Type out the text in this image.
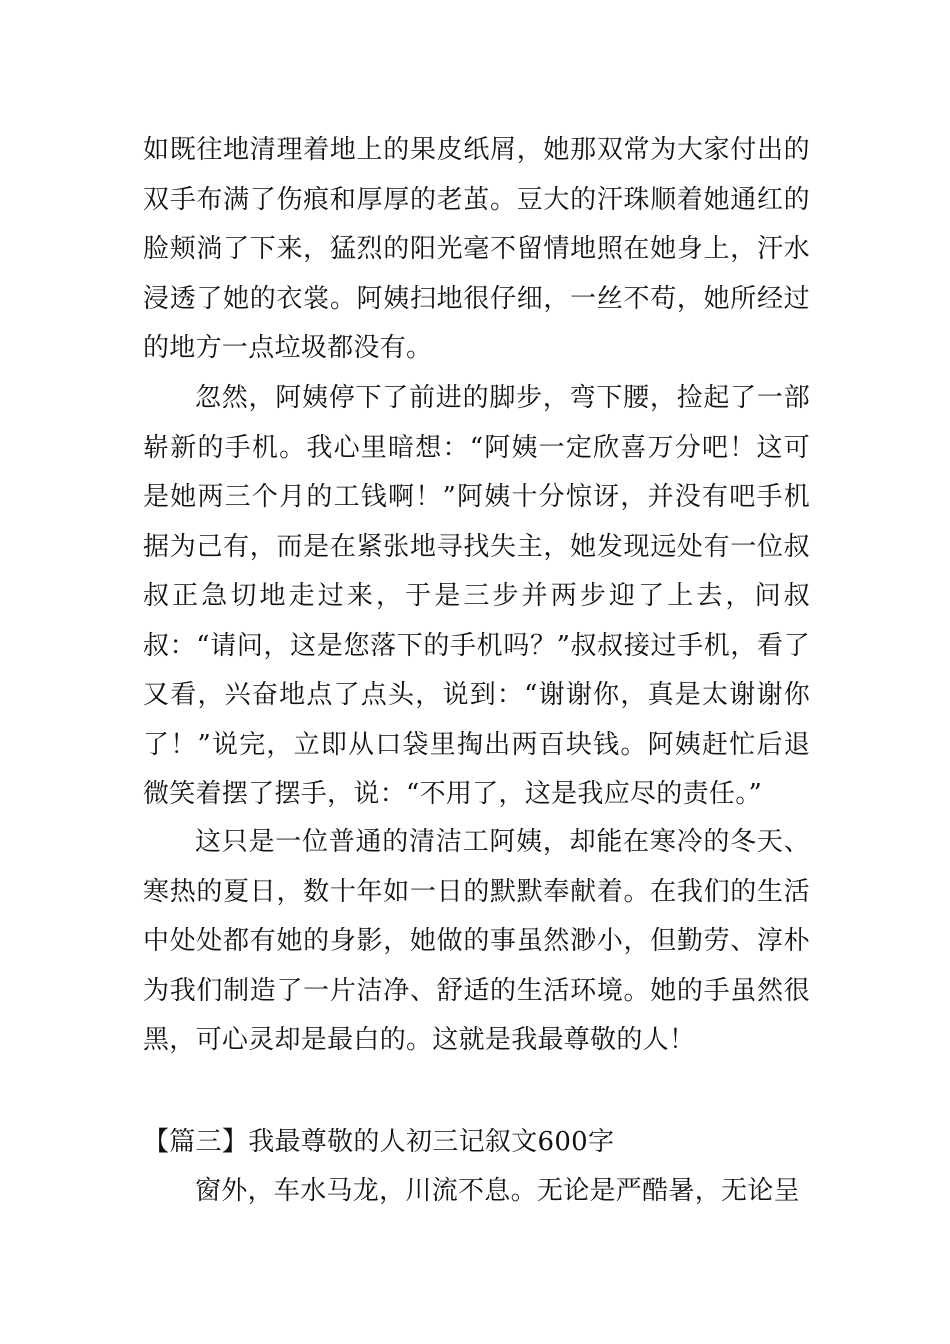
如既往地清理着地上的果皮纸屑，她那双常为大家付出的双手布满了伤痕和厚厚的老茧。豆大的汗珠顺着她通红的脸颊淌了下来，猛烈的阳光毫不留情地照在她身上，汗水浸透了她的衣裳。阿姨扫地很仔细，一丝不苟，她所经过的地方一点垃圾都没有。

忽然，阿姨停下了前进的脚步，弯下腰，捡起了一部崭新的手机。我心里暗想：“阿姨一定欣喜万分吧！这可是她两三个月的工钱啊！”阿姨十分惊讶，并没有吧手机据为己有，而是在紧张地寻找失主，她发现远处有一位叔叔正急切地走过来，于是三步并两步迎了上去，问叔叔：“请问，这是您落下的手机吗？”叔叔接过手机，看了又看，兴奋地点了点头，说到：“谢谢你，真是太谢谢你了！”说完，立即从口袋里掏出两百块钱。阿姨赶忙后退微笑着摆了摆手，说：“不用了，这是我应尽的责任。”

这只是一位普通的清洁工阿姨，却能在寒冷的冬天、寒热的夏日，数十年如一日的默默奉献着。在我们的生活中处处都有她的身影，她做的事虽然渺小，但勤劳、淳朴为我们制造了一片洁净、舒适的生活环境。她的手虽然很黑，可心灵却是最白的。这就是我最尊敬的人！

【篇三】我最尊敬的人初三记叙文600字

窗外，车水马龙，川流不息。无论是严酷暑，无论呈
